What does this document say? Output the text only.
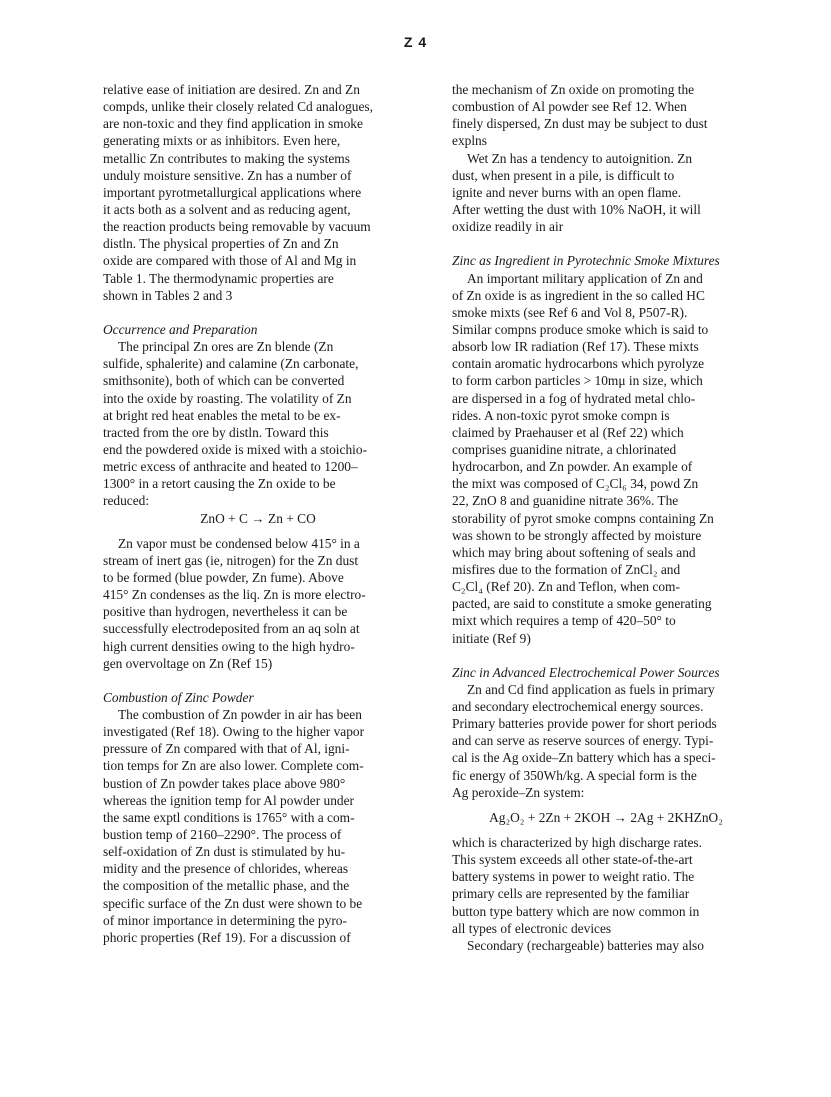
Z 4
relative ease of initiation are desired. Zn and Zn
compds, unlike their closely related Cd analogues,
are non-toxic and they find application in smoke
generating mixts or as inhibitors. Even here,
metallic Zn contributes to making the systems
unduly moisture sensitive. Zn has a number of
important pyrotmetallurgical applications where
it acts both as a solvent and as reducing agent,
the reaction products being removable by vacuum
distln. The physical properties of Zn and Zn
oxide are compared with those of Al and Mg in
Table 1. The thermodynamic properties are
shown in Tables 2 and 3
Occurrence and Preparation
The principal Zn ores are Zn blende (Zn
sulfide, sphalerite) and calamine (Zn carbonate,
smithsonite), both of which can be converted
into the oxide by roasting. The volatility of Zn
at bright red heat enables the metal to be ex-
tracted from the ore by distln. Toward this
end the powdered oxide is mixed with a stoichio-
metric excess of anthracite and heated to 1200–
1300° in a retort causing the Zn oxide to be
reduced:
ZnO + C → Zn + CO
Zn vapor must be condensed below 415° in a
stream of inert gas (ie, nitrogen) for the Zn dust
to be formed (blue powder, Zn fume). Above
415° Zn condenses as the liq. Zn is more electro-
positive than hydrogen, nevertheless it can be
successfully electrodeposited from an aq soln at
high current densities owing to the high hydro-
gen overvoltage on Zn (Ref 15)
Combustion of Zinc Powder
The combustion of Zn powder in air has been
investigated (Ref 18). Owing to the higher vapor
pressure of Zn compared with that of Al, igni-
tion temps for Zn are also lower. Complete com-
bustion of Zn powder takes place above 980°
whereas the ignition temp for Al powder under
the same exptl conditions is 1765° with a com-
bustion temp of 2160–2290°. The process of
self-oxidation of Zn dust is stimulated by hu-
midity and the presence of chlorides, whereas
the composition of the metallic phase, and the
specific surface of the Zn dust were shown to be
of minor importance in determining the pyro-
phoric properties (Ref 19). For a discussion of
the mechanism of Zn oxide on promoting the
combustion of Al powder see Ref 12. When
finely dispersed, Zn dust may be subject to dust
explns
Wet Zn has a tendency to autoignition. Zn
dust, when present in a pile, is difficult to
ignite and never burns with an open flame.
After wetting the dust with 10% NaOH, it will
oxidize readily in air
Zinc as Ingredient in Pyrotechnic Smoke Mixtures
An important military application of Zn and
of Zn oxide is as ingredient in the so called HC
smoke mixts (see Ref 6 and Vol 8, P507-R).
Similar compns produce smoke which is said to
absorb low IR radiation (Ref 17). These mixts
contain aromatic hydrocarbons which pyrolyze
to form carbon particles > 10mμ in size, which
are dispersed in a fog of hydrated metal chlo-
rides. A non-toxic pyrot smoke compn is
claimed by Praehauser et al (Ref 22) which
comprises guanidine nitrate, a chlorinated
hydrocarbon, and Zn powder. An example of
the mixt was composed of C₂Cl₆ 34, powd Zn
22, ZnO 8 and guanidine nitrate 36%. The
storability of pyrot smoke compns containing Zn
was shown to be strongly affected by moisture
which may bring about softening of seals and
misfires due to the formation of ZnCl₂ and
C₂Cl₄ (Ref 20). Zn and Teflon, when com-
pacted, are said to constitute a smoke generating
mixt which requires a temp of 420–50° to
initiate (Ref 9)
Zinc in Advanced Electrochemical Power Sources
Zn and Cd find application as fuels in primary
and secondary electrochemical energy sources.
Primary batteries provide power for short periods
and can serve as reserve sources of energy. Typi-
cal is the Ag oxide–Zn battery which has a speci-
fic energy of 350Wh/kg. A special form is the
Ag peroxide–Zn system:
Ag₂O₂ + 2Zn + 2KOH → 2Ag + 2KHZnO₂
which is characterized by high discharge rates.
This system exceeds all other state-of-the-art
battery systems in power to weight ratio. The
primary cells are represented by the familiar
button type battery which are now common in
all types of electronic devices
Secondary (rechargeable) batteries may also
